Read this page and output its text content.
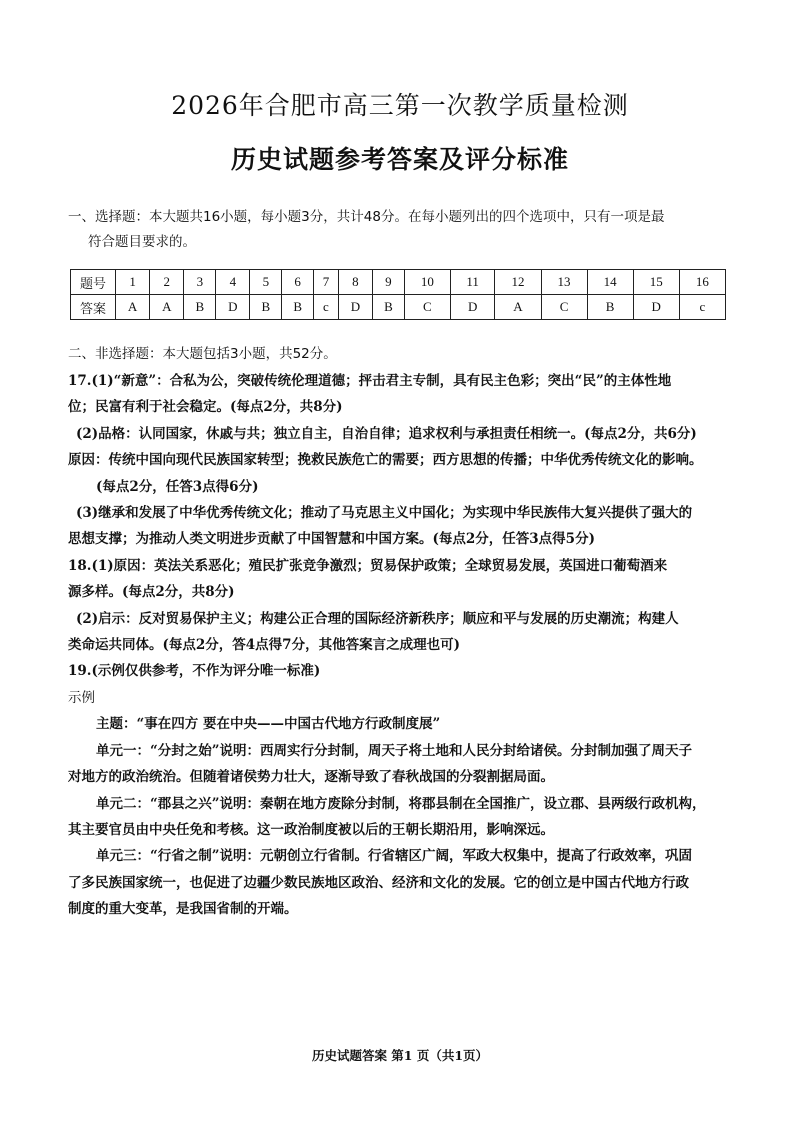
2026年合肥市高三第一次教学质量检测
历史试题参考答案及评分标准
一、选择题：本大题共16小题，每小题3分，共计48分。在每小题列出的四个选项中，只有一项是最
符合题目要求的。
题号	1	2	3	4	5	6	7	8	9	10	11	12	13	14	15	16
答案	A	A	B	D	B	B	c	D	B	C	D	A	C	B	D	c
二、非选择题：本大题包括3小题，共52分。

17.(1)“新意”：合私为公，突破传统伦理道德；抨击君主专制，具有民主色彩；突出“民”的主体性地

位；民富有利于社会稳定。(每点2分，共8分)

(2)品格：认同国家，休戚与共；独立自主，自治自律；追求权利与承担责任相统一。(每点2分，共6分)

原因：传统中国向现代民族国家转型；挽救民族危亡的需要；西方思想的传播；中华优秀传统文化的影响。

(每点2分，任答3点得6分)

(3)继承和发展了中华优秀传统文化；推动了马克思主义中国化；为实现中华民族伟大复兴提供了强大的

思想支撑；为推动人类文明进步贡献了中国智慧和中国方案。(每点2分，任答3点得5分)

18.(1)原因：英法关系恶化；殖民扩张竞争激烈；贸易保护政策；全球贸易发展，英国进口葡萄酒来

源多样。(每点2分，共8分)

(2)启示：反对贸易保护主义；构建公正合理的国际经济新秩序；顺应和平与发展的历史潮流；构建人

类命运共同体。(每点2分，答4点得7分，其他答案言之成理也可)

19.(示例仅供参考，不作为评分唯一标准)

示例

主题：“事在四方 要在中央——中国古代地方行政制度展”

单元一：“分封之始”说明：西周实行分封制，周天子将土地和人民分封给诸侯。分封制加强了周天子

对地方的政治统治。但随着诸侯势力壮大，逐渐导致了春秋战国的分裂割据局面。

单元二：“郡县之兴”说明：秦朝在地方废除分封制，将郡县制在全国推广，设立郡、县两级行政机构，

其主要官员由中央任免和考核。这一政治制度被以后的王朝长期沿用，影响深远。

单元三：“行省之制”说明：元朝创立行省制。行省辖区广阔，军政大权集中，提高了行政效率，巩固

了多民族国家统一，也促进了边疆少数民族地区政治、经济和文化的发展。它的创立是中国古代地方行政

制度的重大变革，是我国省制的开端。

历史试题答案 第1 页（共1页）
